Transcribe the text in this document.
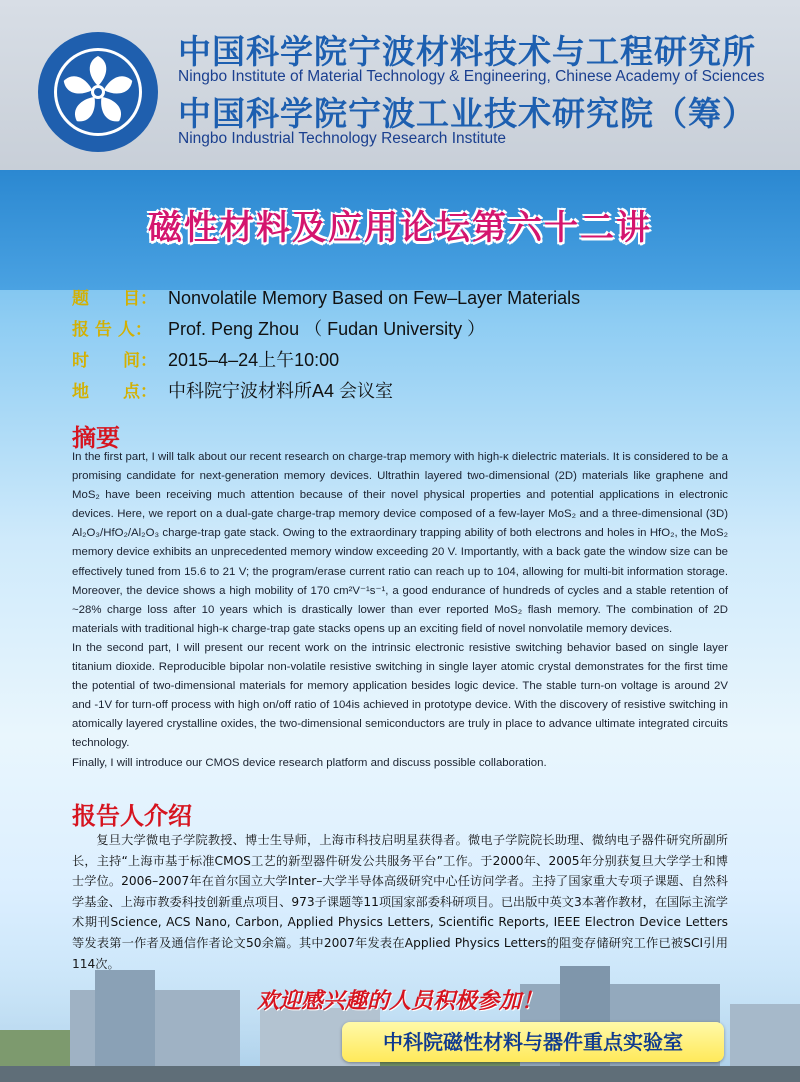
中国科学院宁波材料技术与工程研究所
Ningbo Institute of Material Technology & Engineering, Chinese Academy of Sciences
中国科学院宁波工业技术研究院（筹）
Ningbo Industrial Technology Research Institute
磁性材料及应用论坛第六十二讲
题　　目： Nonvolatile Memory Based on Few–Layer Materials
报 告 人： Prof. Peng Zhou （ Fudan University ）
时　　间： 2015–4–24上午10:00
地　　点： 中科院宁波材料所A4 会议室
摘要

In the first part, I will talk about our recent research on charge-trap memory with high-κ dielectric materials. It is considered to be a promising candidate for next-generation memory devices. Ultrathin layered two-dimensional (2D) materials like graphene and MoS₂ have been receiving much attention because of their novel physical properties and potential applications in electronic devices. Here, we report on a dual-gate charge-trap memory device composed of a few-layer MoS₂ and a three-dimensional (3D) Al₂O₃/HfO₂/Al₂O₃ charge-trap gate stack. Owing to the extraordinary trapping ability of both electrons and holes in HfO₂, the MoS₂ memory device exhibits an unprecedented memory window exceeding 20 V. Importantly, with a back gate the window size can be effectively tuned from 15.6 to 21 V; the program/erase current ratio can reach up to 104, allowing for multi-bit information storage. Moreover, the device shows a high mobility of 170 cm²V⁻¹s⁻¹, a good endurance of hundreds of cycles and a stable retention of ~28% charge loss after 10 years which is drastically lower than ever reported MoS₂ flash memory. The combination of 2D materials with traditional high-κ charge-trap gate stacks opens up an exciting field of novel nonvolatile memory devices.

In the second part, I will present our recent work on the intrinsic electronic resistive switching behavior based on single layer titanium dioxide. Reproducible bipolar non-volatile resistive switching in single layer atomic crystal demonstrates for the first time the potential of two-dimensional materials for memory application besides logic device. The stable turn-on voltage is around 2V and -1V for turn-off process with high on/off ratio of 104is achieved in prototype device. With the discovery of resistive switching in atomically layered crystalline oxides, the two-dimensional semiconductors are truly in place to advance ultimate integrated circuits technology.

Finally, I will introduce our CMOS device research platform and discuss possible collaboration.

报告人介绍

复旦大学微电子学院教授、博士生导师，上海市科技启明星获得者。微电子学院院长助理、微纳电子器件研究所副所长，主持“上海市基于标准CMOS工艺的新型器件研发公共服务平台”工作。于2000年、2005年分别获复旦大学学士和博士学位。2006–2007年在首尔国立大学Inter–大学半导体高级研究中心任访问学者。主持了国家重大专项子课题、自然科学基金、上海市教委科技创新重点项目、973子课题等11项国家部委科研项目。已出版中英文3本著作教材，在国际主流学术期刊Science, ACS Nano, Carbon, Applied Physics Letters, Scientific Reports, IEEE Electron Device Letters等发表第一作者及通信作者论文50余篇。其中2007年发表在Applied Physics Letters的阻变存储研究工作已被SCI引用

欢迎感兴趣的人员积极参加！
中科院磁性材料与器件重点实验室
